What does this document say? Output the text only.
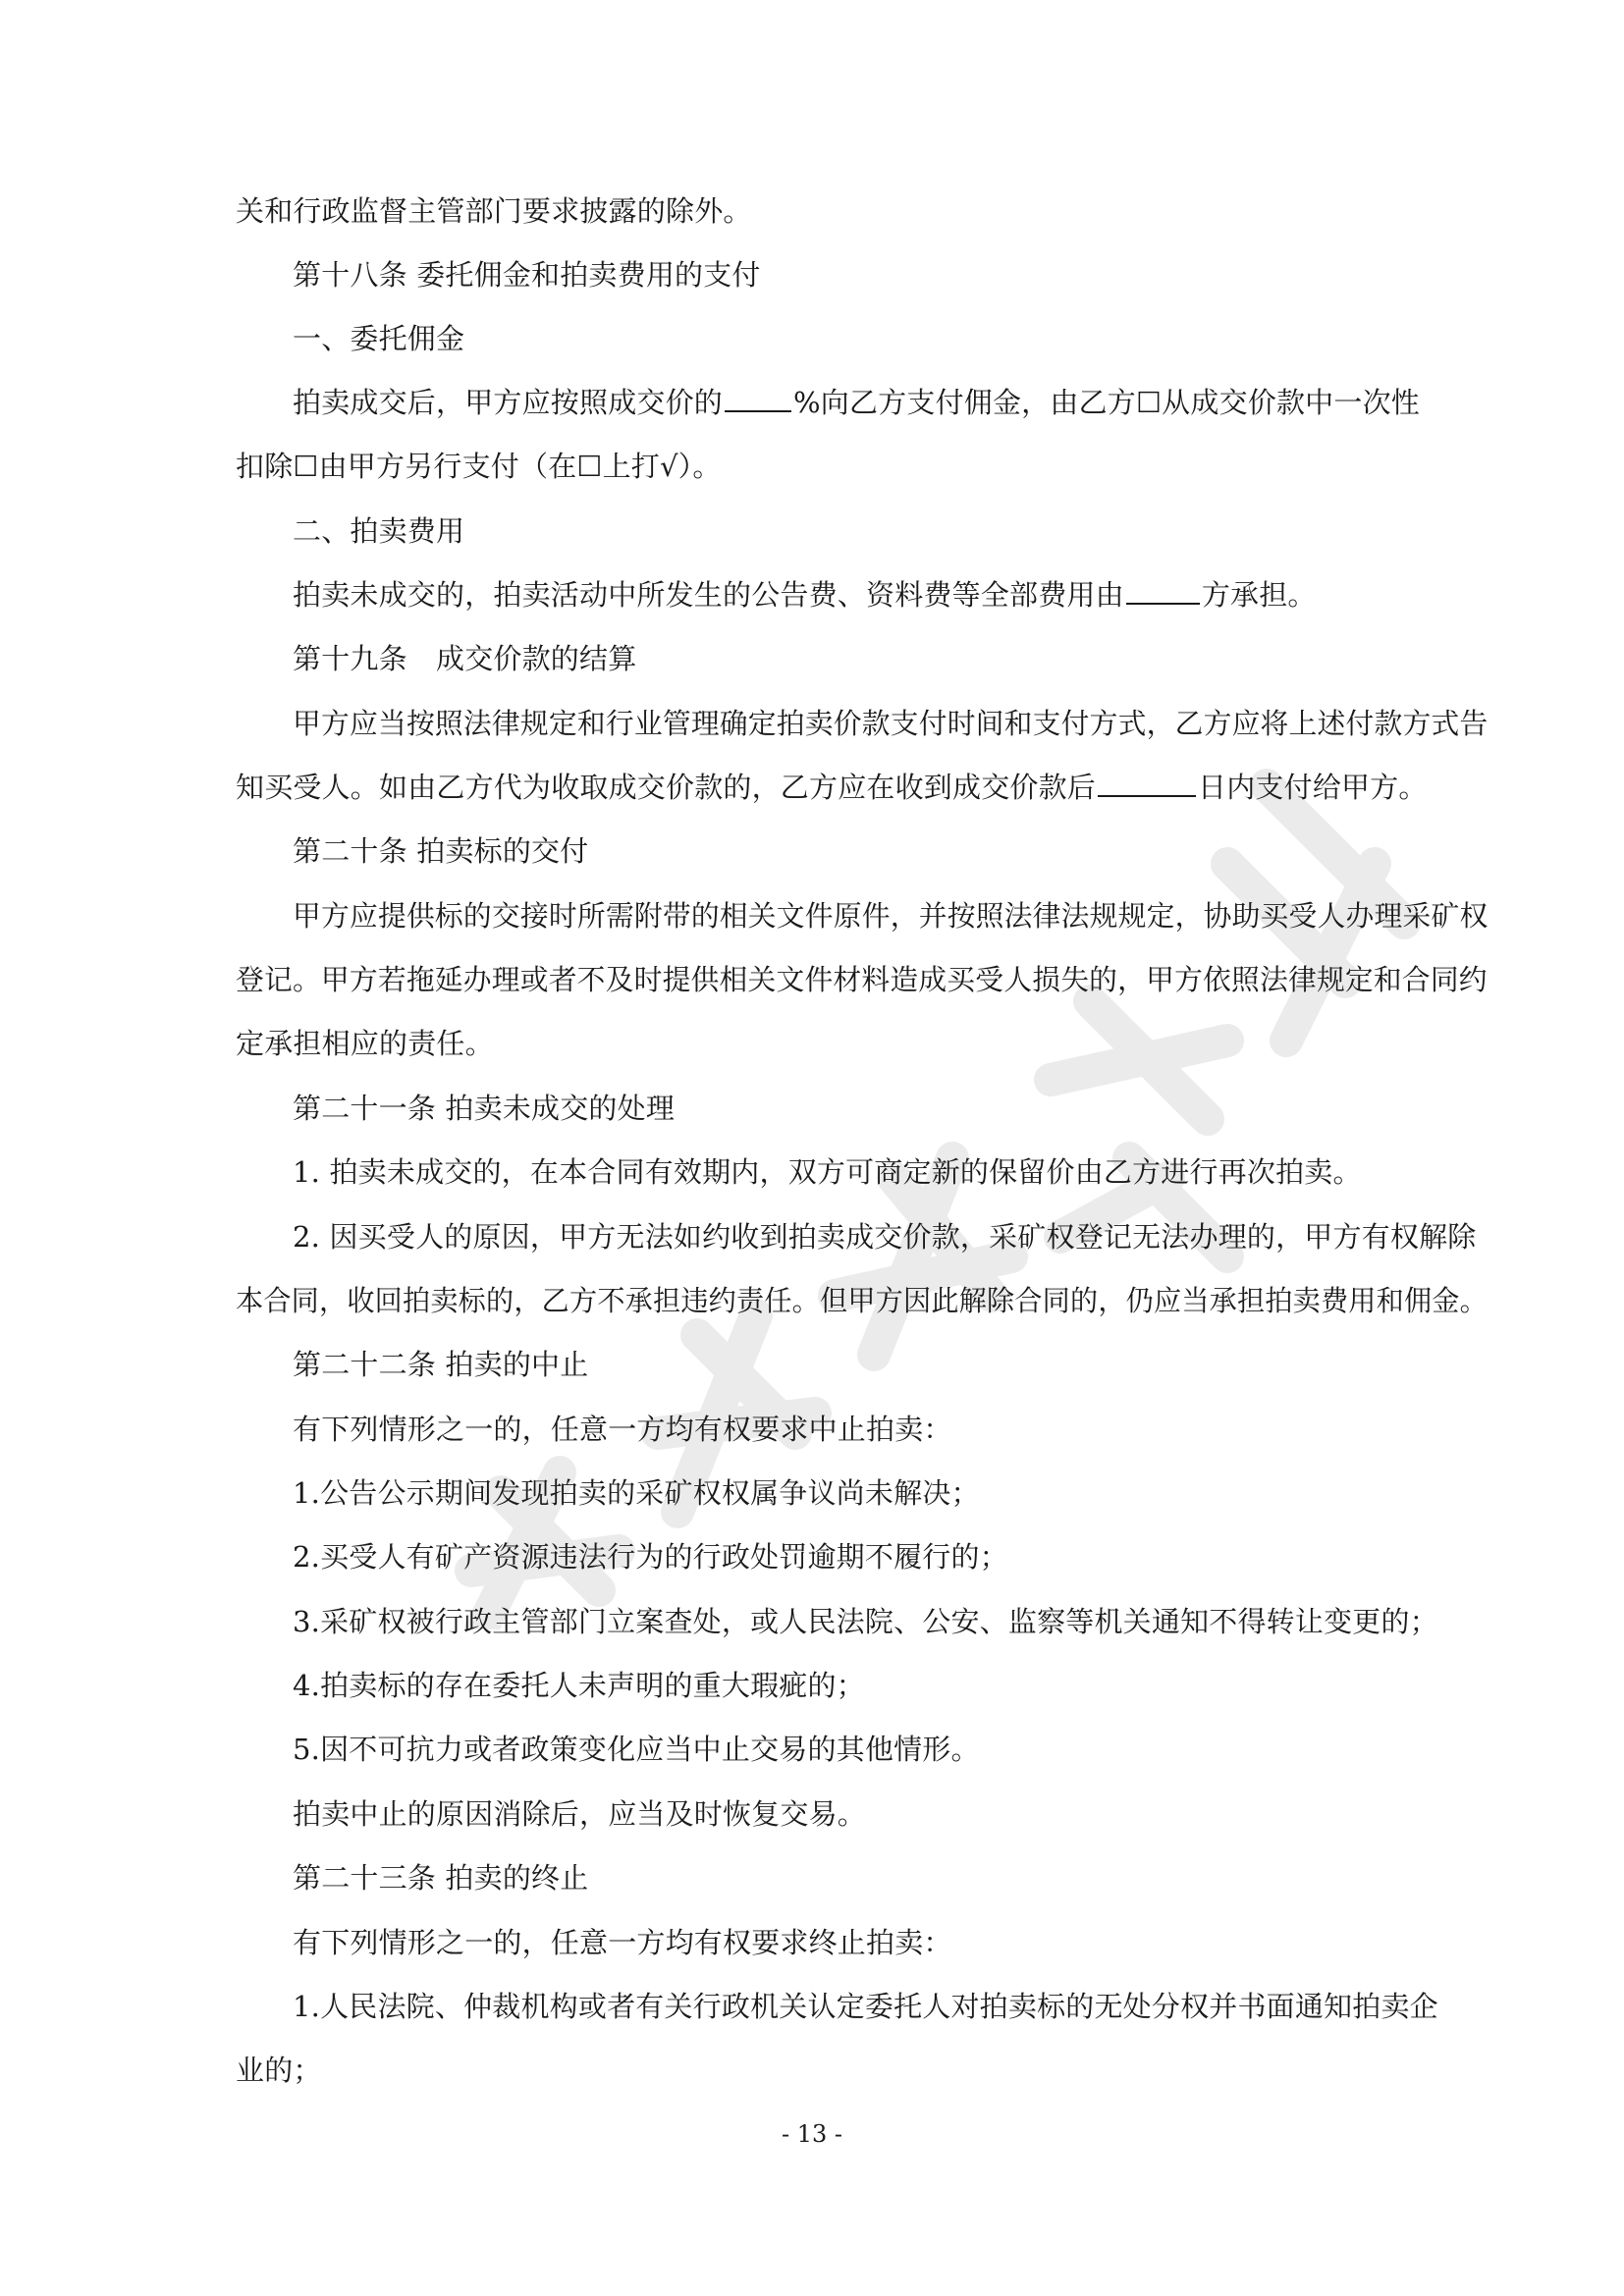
关和行政监督主管部门要求披露的除外。
第十八条 委托佣金和拍卖费用的支付
一、委托佣金
拍卖成交后，甲方应按照成交价的 %向乙方支付佣金，由乙方☐从成交价款中一次性
扣除☐由甲方另行支付（在☐上打√）。
二、拍卖费用
拍卖未成交的，拍卖活动中所发生的公告费、资料费等全部费用由	方承担。
第十九条　成交价款的结算
甲方应当按照法律规定和行业管理确定拍卖价款支付时间和支付方式，乙方应将上述付款方式告
知买受人。如由乙方代为收取成交价款的，乙方应在收到成交价款后	日内支付给甲方。
第二十条 拍卖标的交付
甲方应提供标的交接时所需附带的相关文件原件，并按照法律法规规定，协助买受人办理采矿权
登记。甲方若拖延办理或者不及时提供相关文件材料造成买受人损失的，甲方依照法律规定和合同约
定承担相应的责任。
第二十一条 拍卖未成交的处理
1. 拍卖未成交的，在本合同有效期内，双方可商定新的保留价由乙方进行再次拍卖。
2. 因买受人的原因，甲方无法如约收到拍卖成交价款，采矿权登记无法办理的，甲方有权解除
本合同，收回拍卖标的，乙方不承担违约责任。但甲方因此解除合同的，仍应当承担拍卖费用和佣金。
第二十二条 拍卖的中止
有下列情形之一的，任意一方均有权要求中止拍卖：
1.公告公示期间发现拍卖的采矿权权属争议尚未解决；
2.买受人有矿产资源违法行为的行政处罚逾期不履行的；
3.采矿权被行政主管部门立案查处，或人民法院、公安、监察等机关通知不得转让变更的；
4.拍卖标的存在委托人未声明的重大瑕疵的；
5.因不可抗力或者政策变化应当中止交易的其他情形。
拍卖中止的原因消除后，应当及时恢复交易。
第二十三条 拍卖的终止
有下列情形之一的，任意一方均有权要求终止拍卖：
1.人民法院、仲裁机构或者有关行政机关认定委托人对拍卖标的无处分权并书面通知拍卖企
业的；
- 13 -
